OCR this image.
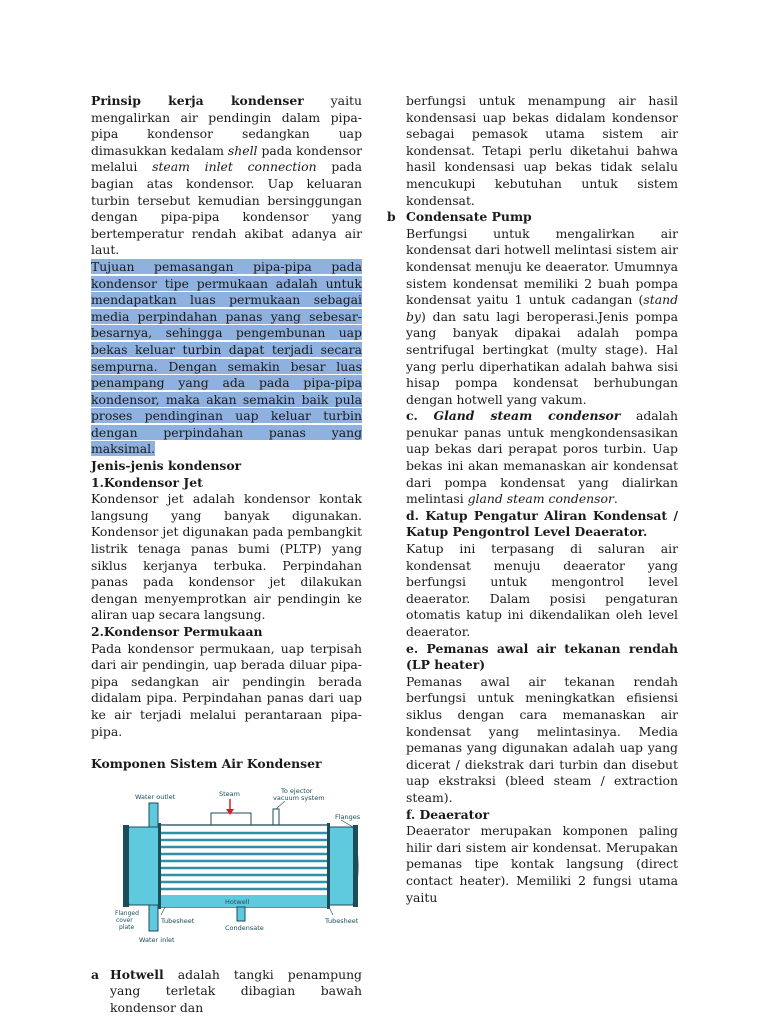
Prinsip kerja kondenser yaitu mengalirkan air pendingin dalam pipa-pipa kondensor sedangkan uap dimasukkan kedalam shell pada kondensor melalui steam inlet connection pada bagian atas kondensor. Uap keluaran turbin tersebut kemudian bersinggungan dengan pipa-pipa kondensor yang bertemperatur rendah akibat adanya air laut.

Tujuan pemasangan pipa-pipa pada kondensor tipe permukaan adalah untuk mendapatkan luas permukaan sebagai media perpindahan panas yang sebesar-besarnya, sehingga pengembunan uap bekas keluar turbin dapat terjadi secara sempurna. Dengan semakin besar luas penampang yang ada pada pipa-pipa kondensor, maka akan semakin baik pula proses pendinginan uap keluar turbin dengan perpindahan panas yang maksimal.

Jenis-jenis kondensor

1.Kondensor Jet

Kondensor jet adalah kondensor kontak langsung yang banyak digunakan. Kondensor jet digunakan pada pembangkit listrik tenaga panas bumi (PLTP) yang siklus kerjanya terbuka. Perpindahan panas pada kondensor jet dilakukan dengan menyemprotkan air pendingin ke aliran uap secara langsung.

2.Kondensor Permukaan

Pada kondensor permukaan, uap terpisah dari air pendingin, uap berada diluar pipa-pipa sedangkan air pendingin berada didalam pipa. Perpindahan panas dari uap ke air terjadi melalui perantaraan pipa-pipa.

Komponen Sistem Air Kondenser

Water outlet	Steam	To ejector
vacuum system
Flanges
Hotwell
Flanged
cover
plate
Tubesheet	Tubesheet
Condensate
Water inlet

a Hotwell adalah tangki penampung yang terletak dibagian bawah kondensor dan

berfungsi untuk menampung air hasil kondensasi uap bekas didalam kondensor sebagai pemasok utama sistem air kondensat. Tetapi perlu diketahui bahwa hasil kondensasi uap bekas tidak selalu mencukupi kebutuhan untuk sistem kondensat.

b Condensate Pump

Berfungsi untuk mengalirkan air kondensat dari hotwell melintasi sistem air kondensat menuju ke deaerator. Umumnya sistem kondensat memiliki 2 buah pompa kondensat yaitu 1 untuk cadangan (stand by) dan satu lagi beroperasi.Jenis pompa yang banyak dipakai adalah pompa sentrifugal bertingkat (multy stage). Hal yang perlu diperhatikan adalah bahwa sisi hisap pompa kondensat berhubungan dengan hotwell yang vakum.

c. Gland steam condensor adalah penukar panas untuk mengkondensasikan uap bekas dari perapat poros turbin. Uap bekas ini akan memanaskan air kondensat dari pompa kondensat yang dialirkan melintasi gland steam condensor.

d. Katup Pengatur Aliran Kondensat / Katup Pengontrol Level Deaerator.

Katup ini terpasang di saluran air kondensat menuju deaerator yang berfungsi untuk mengontrol level deaerator. Dalam posisi pengaturan otomatis katup ini dikendalikan oleh level deaerator.

e. Pemanas awal air tekanan rendah (LP heater)

Pemanas awal air tekanan rendah berfungsi untuk meningkatkan efisiensi siklus dengan cara memanaskan air kondensat yang melintasinya. Media pemanas yang digunakan adalah uap yang dicerat / diekstrak dari turbin dan disebut uap ekstraksi (bleed steam / extraction steam).

f. Deaerator

Deaerator merupakan komponen paling hilir dari sistem air kondensat. Merupakan pemanas tipe kontak langsung (direct contact heater). Memiliki 2 fungsi utama yaitu
